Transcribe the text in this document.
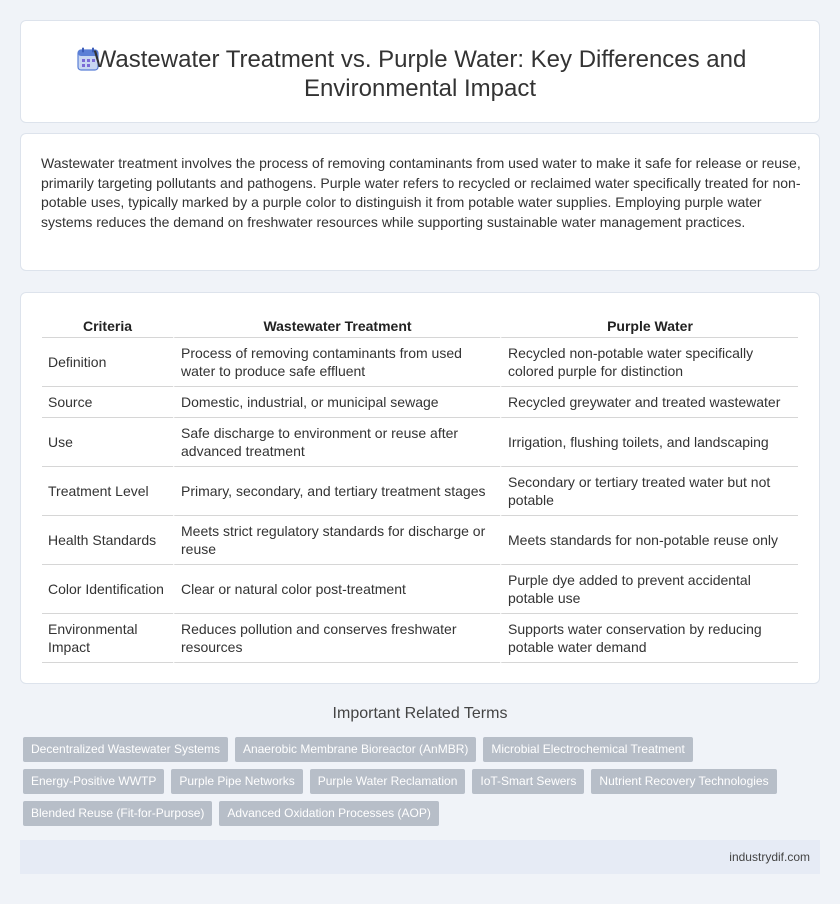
Wastewater Treatment vs. Purple Water: Key Differences and Environmental Impact

Wastewater treatment involves the process of removing contaminants from used water to make it safe for release or reuse, primarily targeting pollutants and pathogens. Purple water refers to recycled or reclaimed water specifically treated for non-potable uses, typically marked by a purple color to distinguish it from potable water supplies. Employing purple water systems reduces the demand on freshwater resources while supporting sustainable water management practices.

Criteria	Wastewater Treatment	Purple Water
Definition	Process of removing contaminants from used water to produce safe effluent	Recycled non-potable water specifically colored purple for distinction
Source	Domestic, industrial, or municipal sewage	Recycled greywater and treated wastewater
Use	Safe discharge to environment or reuse after advanced treatment	Irrigation, flushing toilets, and landscaping
Treatment Level	Primary, secondary, and tertiary treatment stages	Secondary or tertiary treated water but not potable
Health Standards	Meets strict regulatory standards for discharge or reuse	Meets standards for non-potable reuse only
Color Identification	Clear or natural color post-treatment	Purple dye added to prevent accidental potable use
Environmental Impact	Reduces pollution and conserves freshwater resources	Supports water conservation by reducing potable water demand
Important Related Terms
Decentralized Wastewater Systems	Anaerobic Membrane Bioreactor (AnMBR)	Microbial Electrochemical Treatment
Energy-Positive WWTP	Purple Pipe Networks	Purple Water Reclamation	IoT-Smart Sewers	Nutrient Recovery Technologies
Blended Reuse (Fit-for-Purpose)	Advanced Oxidation Processes (AOP)
industrydif.com
